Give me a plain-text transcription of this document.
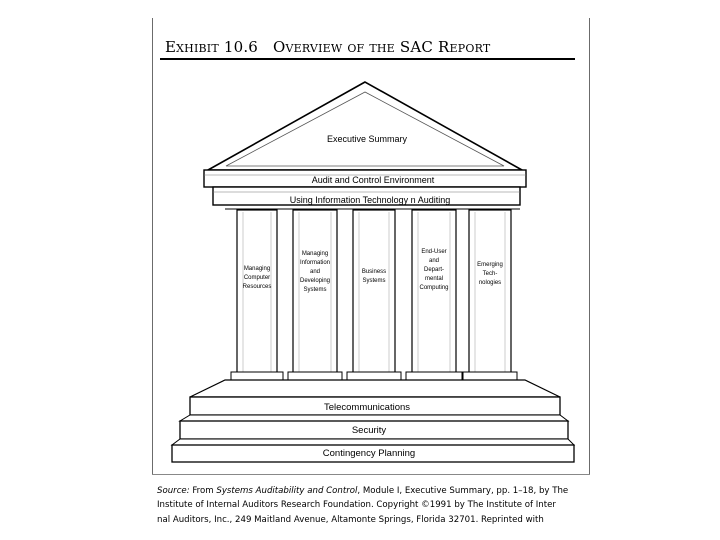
Exhibit 10.6 Overview of the SAC Report
Executive Summary
Audit and Control Environment
Using Information Technology n Auditing
Managing
Computer
Resources
Managing
Information
and
Developing
Systems
Business
Systems
End-User
and
Depart-
mental
Computing
Emerging
Tech-
nologies
Telecommunications
Security
Contingency Planning
Source: From Systems Auditability and Control, Module I, Executive Summary, pp. 1–18, by The
Institute of Internal Auditors Research Foundation. Copyright ©1991 by The Institute of Inter
nal Auditors, Inc., 249 Maitland Avenue, Altamonte Springs, Florida 32701. Reprinted with
